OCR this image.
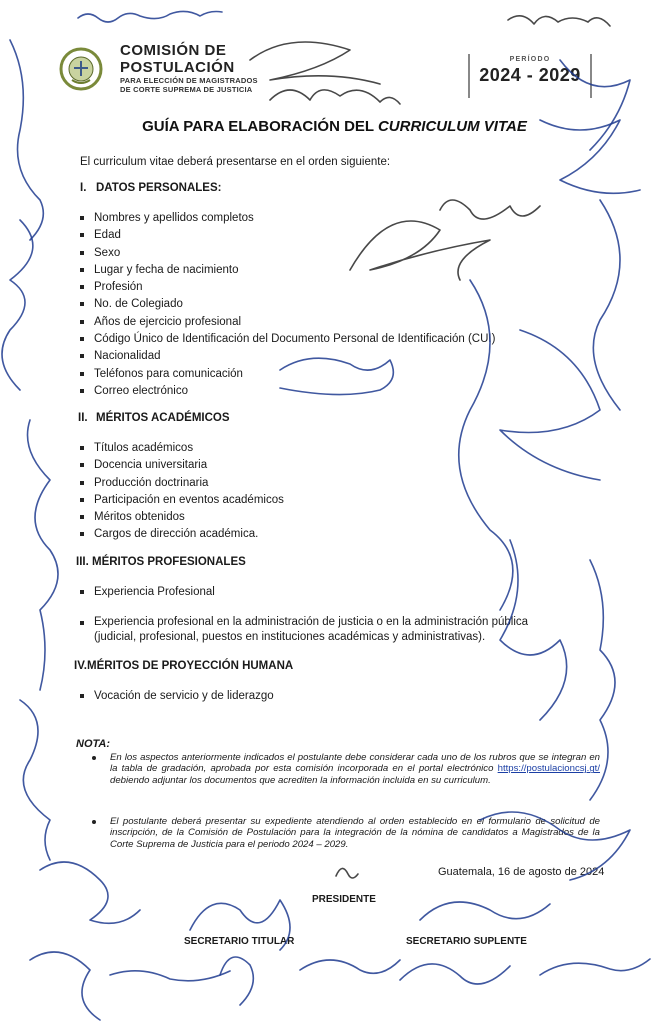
COMISIÓN DE
POSTULACIÓN
PARA ELECCIÓN DE MAGISTRADOS
DE CORTE SUPREMA DE JUSTICIA
PERÍODO
2024 - 2029
GUÍA PARA ELABORACIÓN DEL CURRICULUM VITAE
El curriculum vitae deberá presentarse en el orden siguiente:
I. DATOS PERSONALES:
Nombres y apellidos completos
Edad
Sexo
Lugar y fecha de nacimiento
Profesión
No. de Colegiado
Años de ejercicio profesional
Código Único de Identificación del Documento Personal de Identificación (CUI)
Nacionalidad
Teléfonos para comunicación
Correo electrónico
II. MÉRITOS ACADÉMICOS
Títulos académicos
Docencia universitaria
Producción doctrinaria
Participación en eventos académicos
Méritos obtenidos
Cargos de dirección académica.
III. MÉRITOS PROFESIONALES
Experiencia Profesional
Experiencia profesional en la administración de justicia o en la administración pública (judicial, profesional, puestos en instituciones académicas y administrativas).
IV.MÉRITOS DE PROYECCIÓN HUMANA
Vocación de servicio y de liderazgo
NOTA:
En los aspectos anteriormente indicados el postulante debe considerar cada uno de los rubros que se integran en la tabla de gradación, aprobada por esta comisión incorporada en el portal electrónico https://postulacioncsj.gt/ debiendo adjuntar los documentos que acrediten la información incluida en su curriculum.
El postulante deberá presentar su expediente atendiendo al orden establecido en el formulario de solicitud de inscripción, de la Comisión de Postulación para la integración de la nómina de candidatos a Magistrados de la Corte Suprema de Justicia para el periodo 2024 – 2029.
Guatemala, 16 de agosto de 2024
PRESIDENTE
SECRETARIO TITULAR	SECRETARIO SUPLENTE
